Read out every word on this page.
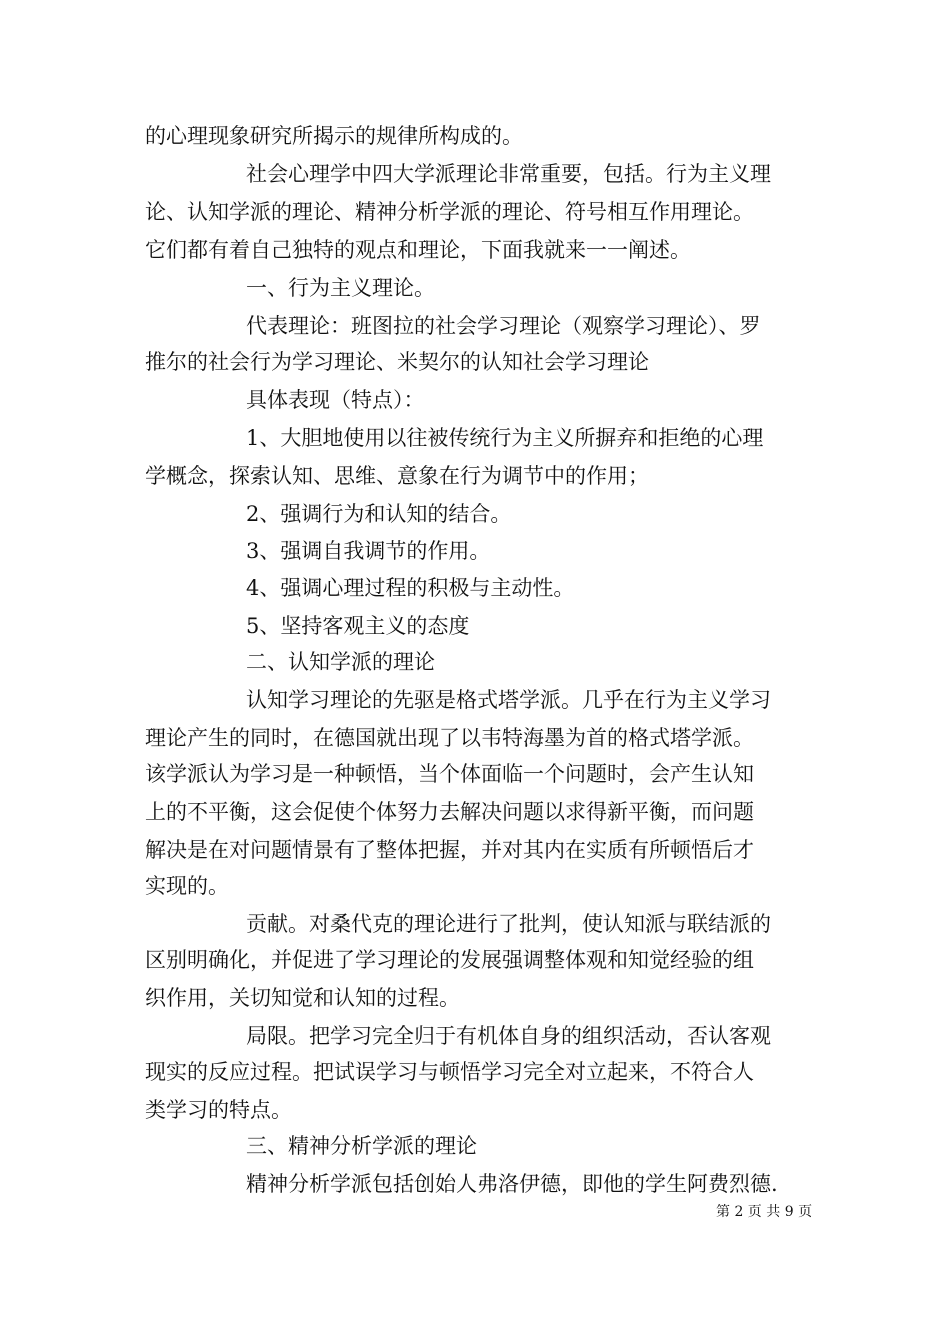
的心理现象研究所揭示的规律所构成的。

社会心理学中四大学派理论非常重要，包括。行为主义理

论、认知学派的理论、精神分析学派的理论、符号相互作用理论。

它们都有着自己独特的观点和理论，下面我就来一一阐述。

一、行为主义理论。

代表理论：班图拉的社会学习理论（观察学习理论）、罗

推尔的社会行为学习理论、米契尔的认知社会学习理论

具体表现（特点）：

1、大胆地使用以往被传统行为主义所摒弃和拒绝的心理

学概念，探索认知、思维、意象在行为调节中的作用；

2、强调行为和认知的结合。

3、强调自我调节的作用。

4、强调心理过程的积极与主动性。

5、坚持客观主义的态度

二、认知学派的理论

认知学习理论的先驱是格式塔学派。几乎在行为主义学习

理论产生的同时，在德国就出现了以韦特海墨为首的格式塔学派。

该学派认为学习是一种顿悟，当个体面临一个问题时，会产生认知

上的不平衡，这会促使个体努力去解决问题以求得新平衡，而问题

解决是在对问题情景有了整体把握，并对其内在实质有所顿悟后才

实现的。

贡献。对桑代克的理论进行了批判，使认知派与联结派的

区别明确化，并促进了学习理论的发展强调整体观和知觉经验的组

织作用，关切知觉和认知的过程。

局限。把学习完全归于有机体自身的组织活动，否认客观

现实的反应过程。把试误学习与顿悟学习完全对立起来，不符合人

类学习的特点。

三、精神分析学派的理论

精神分析学派包括创始人弗洛伊德，即他的学生阿费烈德.

第 2 页 共 9 页
